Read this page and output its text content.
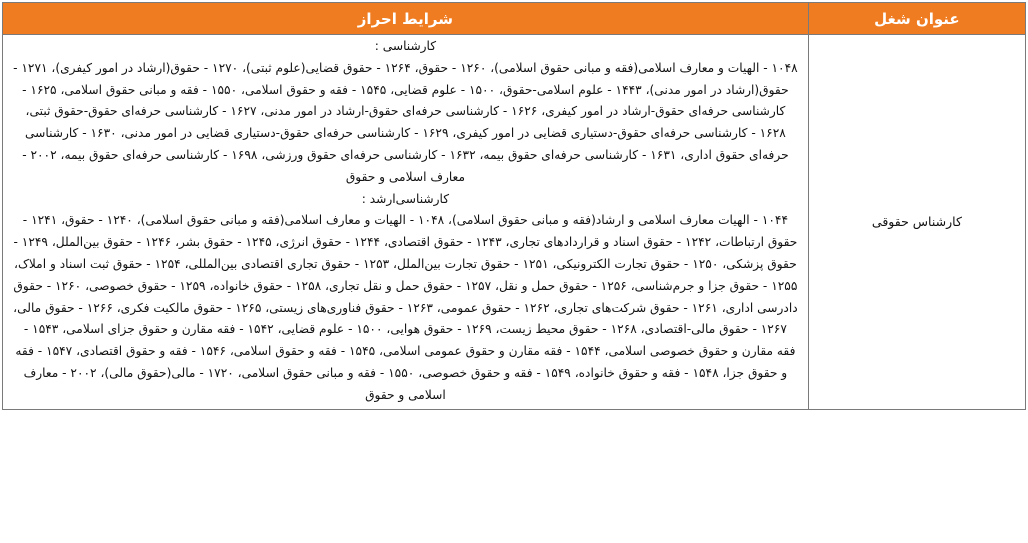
عنوان شغل	شرایط احراز
کارشناس حقوقی	کارشناسی :
۱۰۴۸ - الهیات و معارف اسلامی(فقه و مبانی حقوق اسلامی)، ۱۲۶۰ - حقوق، ۱۲۶۴ - حقوق قضایی(علوم ثبتی)، ۱۲۷۰ - حقوق(ارشاد در امور کیفری)، ۱۲۷۱ - حقوق(ارشاد در امور مدنی)، ۱۴۴۳ - علوم اسلامی-حقوق، ۱۵۰۰ - علوم قضایی، ۱۵۴۵ - فقه و حقوق اسلامی، ۱۵۵۰ - فقه و مبانی حقوق اسلامی، ۱۶۲۵ - کارشناسی حرفه‌ای حقوق-ارشاد در امور کیفری، ۱۶۲۶ - کارشناسی حرفه‌ای حقوق-ارشاد در امور مدنی، ۱۶۲۷ - کارشناسی حرفه‌ای حقوق-حقوق ثبتی، ۱۶۲۸ - کارشناسی حرفه‌ای حقوق-دستیاری قضایی در امور کیفری، ۱۶۲۹ - کارشناسی حرفه‌ای حقوق-دستیاری قضایی در امور مدنی، ۱۶۳۰ - کارشناسی حرفه‌ای حقوق اداری، ۱۶۳۱ - کارشناسی حرفه‌ای حقوق بیمه، ۱۶۳۲ - کارشناسی حرفه‌ای حقوق ورزشی، ۱۶۹۸ - کارشناسی حرفه‌ای حقوق بیمه، ۲۰۰۲ - معارف اسلامی و حقوق
کارشناسی‌ارشد :
۱۰۴۴ - الهیات معارف اسلامی و ارشاد(فقه و مبانی حقوق اسلامی)، ۱۰۴۸ - الهیات و معارف اسلامی(فقه و مبانی حقوق اسلامی)، ۱۲۴۰ - حقوق، ۱۲۴۱ - حقوق ارتباطات، ۱۲۴۲ - حقوق اسناد و قراردادهای تجاری، ۱۲۴۳ - حقوق اقتصادی، ۱۲۴۴ - حقوق انرژی، ۱۲۴۵ - حقوق بشر، ۱۲۴۶ - حقوق بین‌الملل، ۱۲۴۹ - حقوق پزشکی، ۱۲۵۰ - حقوق تجارت الکترونیکی، ۱۲۵۱ - حقوق تجارت بین‌الملل، ۱۲۵۳ - حقوق تجاری اقتصادی بین‌المللی، ۱۲۵۴ - حقوق ثبت اسناد و املاک، ۱۲۵۵ - حقوق جزا و جرم‌شناسی، ۱۲۵۶ - حقوق حمل و نقل، ۱۲۵۷ - حقوق حمل و نقل تجاری، ۱۲۵۸ - حقوق خانواده، ۱۲۵۹ - حقوق خصوصی، ۱۲۶۰ - حقوق دادرسی اداری، ۱۲۶۱ - حقوق شرکت‌های تجاری، ۱۲۶۲ - حقوق عمومی، ۱۲۶۳ - حقوق فناوری‌های زیستی، ۱۲۶۵ - حقوق مالکیت فکری، ۱۲۶۶ - حقوق مالی، ۱۲۶۷ - حقوق مالی-اقتصادی، ۱۲۶۸ - حقوق محیط زیست، ۱۲۶۹ - حقوق هوایی، ۱۵۰۰ - علوم قضایی، ۱۵۴۲ - فقه مقارن و حقوق جزای اسلامی، ۱۵۴۳ - فقه مقارن و حقوق خصوصی اسلامی، ۱۵۴۴ - فقه مقارن و حقوق عمومی اسلامی، ۱۵۴۵ - فقه و حقوق اسلامی، ۱۵۴۶ - فقه و حقوق اقتصادی، ۱۵۴۷ - فقه و حقوق جزا، ۱۵۴۸ - فقه و حقوق خانواده، ۱۵۴۹ - فقه و حقوق خصوصی، ۱۵۵۰ - فقه و مبانی حقوق اسلامی، ۱۷۲۰ - مالی(حقوق مالی)، ۲۰۰۲ - معارف اسلامی و حقوق
